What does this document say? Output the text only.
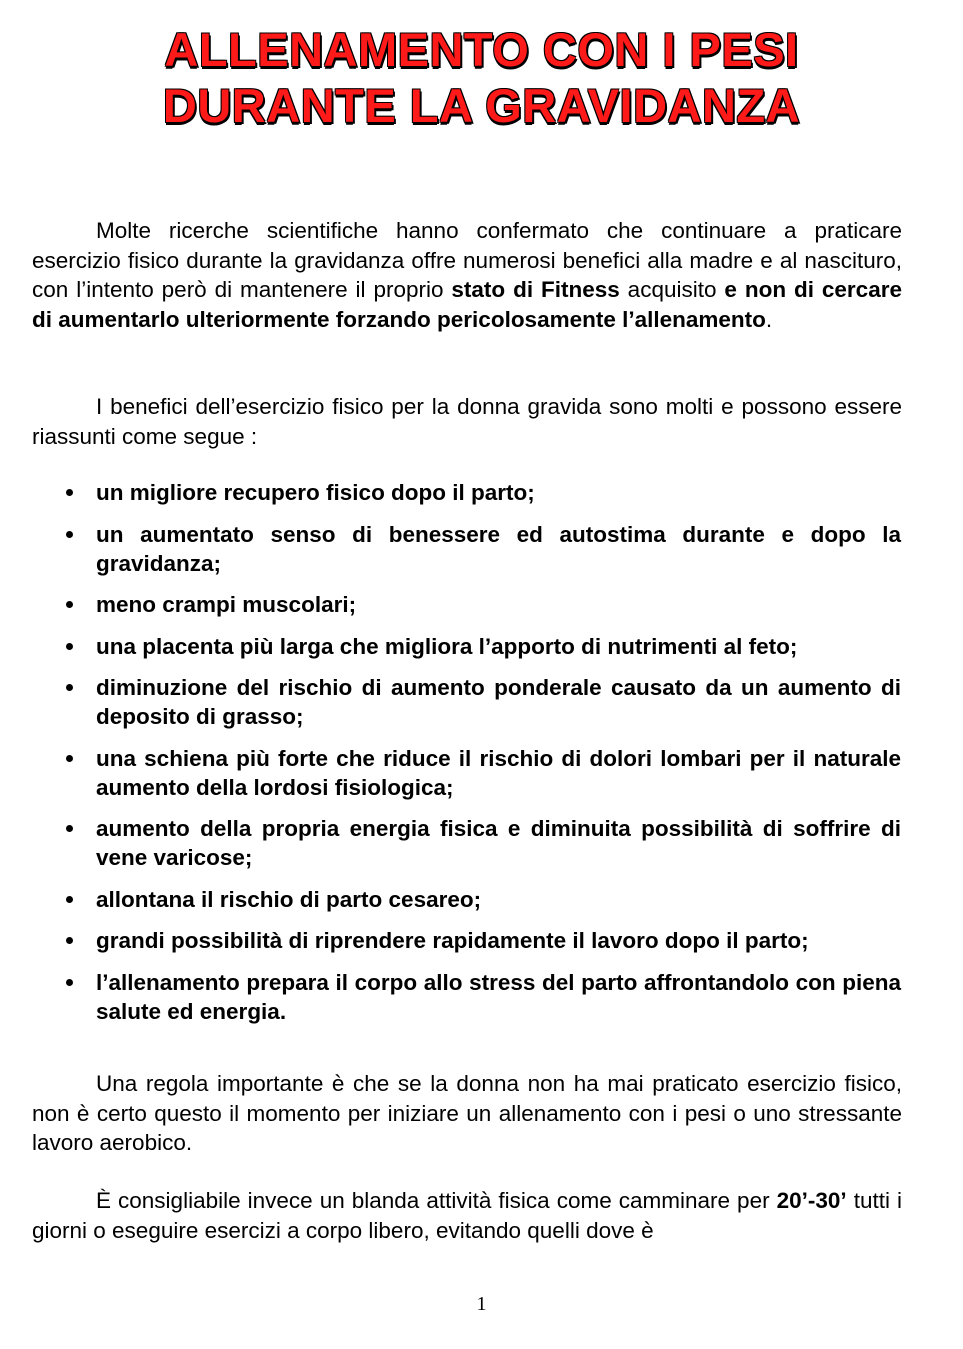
ALLENAMENTO CON I PESI
DURANTE LA GRAVIDANZA

Molte ricerche scientifiche hanno confermato che continuare a praticare esercizio fisico durante la gravidanza offre numerosi benefici alla madre e al nascituro, con l’intento però di mantenere il proprio stato di Fitness acquisito e non di cercare di aumentarlo ulteriormente forzando pericolosamente l’allenamento.

I benefici dell’esercizio fisico per la donna gravida sono molti e possono essere riassunti come segue :

un migliore recupero fisico dopo il parto;
un aumentato senso di benessere ed autostima durante e dopo la gravidanza;
meno crampi muscolari;
una placenta più larga che migliora l’apporto di nutrimenti al feto;
diminuzione del rischio di aumento ponderale causato da un aumento di deposito di grasso;
una schiena più forte che riduce il rischio di dolori lombari per il naturale aumento della lordosi fisiologica;
aumento della propria energia fisica e diminuita possibilità di soffrire di vene varicose;
allontana il rischio di parto cesareo;
grandi possibilità di riprendere rapidamente il lavoro dopo il parto;
l’allenamento prepara il corpo allo stress del parto affrontandolo con piena salute ed energia.

Una regola importante è che se la donna non ha mai praticato esercizio fisico, non è certo questo il momento per iniziare un allenamento con i pesi o uno stressante lavoro aerobico.

È consigliabile invece un blanda attività fisica come camminare per 20’-30’ tutti i giorni o eseguire esercizi a corpo libero, evitando quelli dove è

1
